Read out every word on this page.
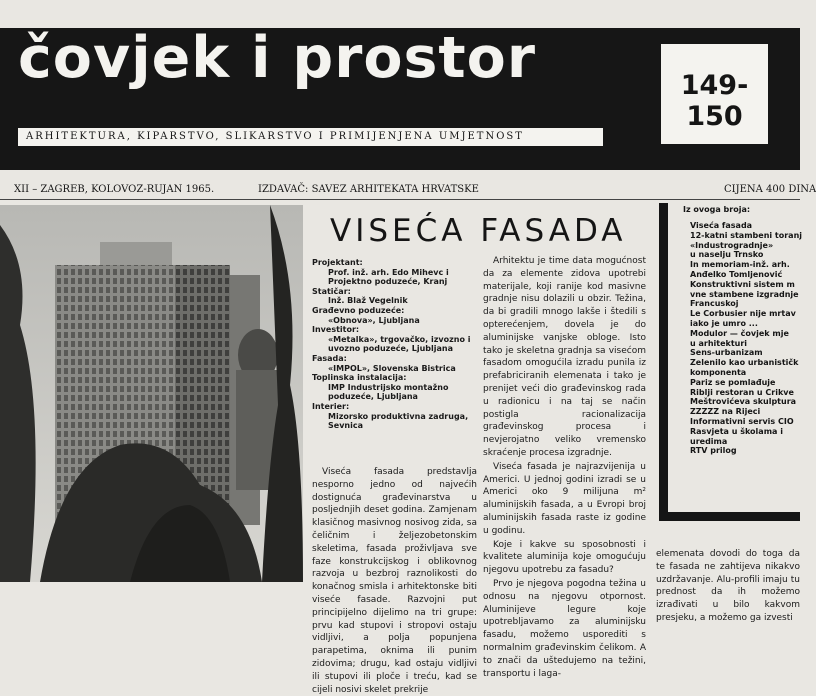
čovjek i prostor	149-150
ARHITEKTURA, KIPARSTVO, SLIKARSTVO I PRIMIJENJENA UMJETNOST
XII – ZAGREB, KOLOVOZ-RUJAN 1965.	IZDAVAČ: SAVEZ ARHITEKATA HRVATSKE	CIJENA 400 DINA
VISEĆA FASADA
Projektant:
Prof. inž. arh. Edo Mihevc i Projektno poduzeće, Kranj
Statičar:
Inž. Blaž Vegelnik
Građevno poduzeće:
«Obnova», Ljubljana
Investitor:
«Metalka», trgovačko, izvozno i uvozno poduzeće, Ljubljana
Fasada:
«IMPOL», Slovenska Bistrica
Toplinska instalacija:
IMP Industrijsko montažno poduzeće, Ljubljana
Interier:
Mizorsko produktivna zadruga, Sevnica
Viseća fasada predstavlja nesporno jedno od najvećih dostignuća građevinarstva u posljednjih deset godina. Zamjenam klasičnog masivnog nosivog zida, sa čeličnim i željezobetonskim skeletima, fasada proživljava sve faze konstrukcijskog i oblikovnog razvoja u bezbroj raznolikosti do konačnog smisla i arhitektonske biti viseće fasade. Razvojni put principijelno dijelimo na tri grupe: prvu kad stupovi i stropovi ostaju vidljivi, a polja popunjena parapetima, oknima ili punim zidovima; drugu, kad ostaju vidljivi ili stupovi ili ploče i treću, kad se cijeli nosivi skelet prekrije

Arhitektu je time data mogućnost da za elemente zidova upotrebi materijale, koji ranije kod masivne gradnje nisu dolazili u obzir. Težina, da bi gradili mnogo lakše i štedili s opterećenjem, dovela je do aluminijske vanjske obloge. Isto tako je skeletna gradnja sa visećom fasadom omogućila izradu punila iz prefabriciranih elemenata i tako je prenijet veći dio građevinskog rada u radionicu i na taj se način postigla racionalizacija građevinskog procesa i nevjerojatno veliko vremensko skraćenje procesa izgradnje.

Viseća fasada je najrazvijenija u Americi. U jednoj godini izradi se u Americi oko 9 milijuna m² aluminijskih fasada, a u Evropi broj aluminijskih fasada raste iz godine u godinu.

Koje i kakve su sposobnosti i kvalitete aluminija koje omogućuju njegovu upotrebu za fasadu?

Prvo je njegova pogodna težina u odnosu na njegovu otpornost. Aluminijeve legure koje upotrebljavamo za aluminijsku fasadu, možemo usporediti s normalnim građevinskim čelikom. A to znači da uštedujemo na težini, transportu i laga-

elemenata dovodi do toga da te fasada ne zahtijeva nikakvo uzdržavanje. Alu-profili imaju tu prednost da ih možemo izrađivati u bilo kakvom presjeku, a možemo ga izvesti
Iz ovoga broja:
Viseća fasada
12-katni stambeni toranj
«Industrogradnje»
u naselju Trnsko
In memoriam-inž. arh.
Anđelko Tomljenović
Konstruktivni sistem m
vne stambene izgradnje
Francuskoj
Le Corbusier nije mrtav
iako je umro ...
Modulor — čovjek mje
u arhitekturi
Sens-urbanizam
Zelenilo kao urbanističk
komponenta
Pariz se pomlađuje
Riblji restoran u Crikve
Meštrovićeva skulptura
ZZZZZ na Rijeci
Informativni servis CIO
Rasvjeta u školama i
uredima
RTV prilog
